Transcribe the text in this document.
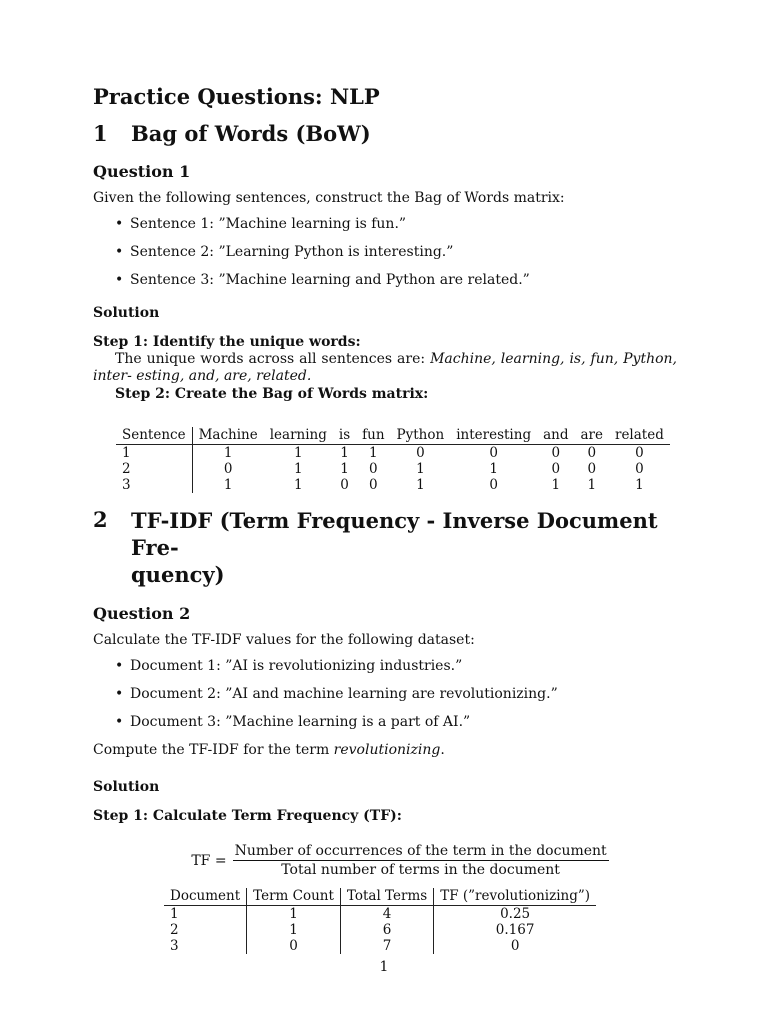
Practice Questions: NLP
1	Bag of Words (BoW)
Question 1

Given the following sentences, construct the Bag of Words matrix:

• Sentence 1: ”Machine learning is fun.”
• Sentence 2: ”Learning Python is interesting.”
• Sentence 3: ”Machine learning and Python are related.”
Solution

Step 1: Identify the unique words:

The unique words across all sentences are: Machine, learning, is, fun, Python, inter- esting, and, are, related.

Step 2: Create the Bag of Words matrix:

Sentence	Machine	learning	is	fun	Python	interesting	and	are	related
1	1	1	1	1	0	0	0	0	0
2	0	1	1	0	1	1	0	0	0
3	1	1	0	0	1	0	1	1	1
2	TF-IDF (Term Frequency - Inverse Document Fre-
quency)
Question 2

Calculate the TF-IDF values for the following dataset:

• Document 1: ”AI is revolutionizing industries.”
• Document 2: ”AI and machine learning are revolutionizing.”
• Document 3: ”Machine learning is a part of AI.”

Compute the TF-IDF for the term revolutionizing.

Solution

Step 1: Calculate Term Frequency (TF):

TF = $\frac{\text{Number of occurrences of the term in the document}}{\text{Total number of terms in the document}}$
Document	Term Count	Total Terms	TF (”revolutionizing”)
1	1	4	0.25
2	1	6	0.167
3	0	7	0
1
